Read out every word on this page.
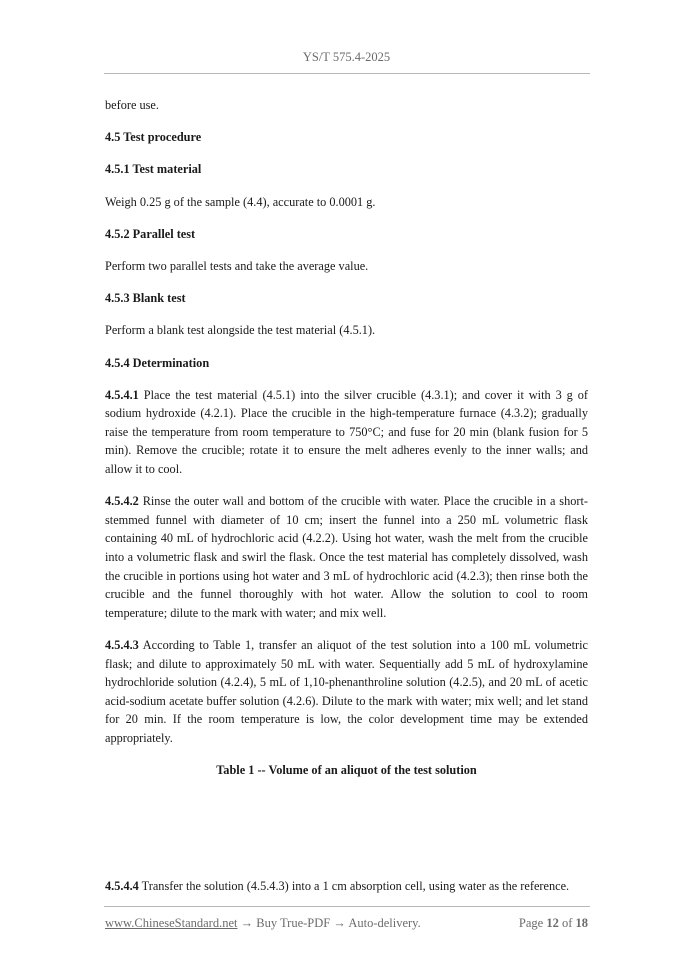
YS/T 575.4-2025

before use.

4.5 Test procedure

4.5.1 Test material

Weigh 0.25 g of the sample (4.4), accurate to 0.0001 g.

4.5.2 Parallel test

Perform two parallel tests and take the average value.

4.5.3 Blank test

Perform a blank test alongside the test material (4.5.1).

4.5.4 Determination

4.5.4.1 Place the test material (4.5.1) into the silver crucible (4.3.1); and cover it with 3 g of sodium hydroxide (4.2.1). Place the crucible in the high-temperature furnace (4.3.2); gradually raise the temperature from room temperature to 750°C; and fuse for 20 min (blank fusion for 5 min). Remove the crucible; rotate it to ensure the melt adheres evenly to the inner walls; and allow it to cool.

4.5.4.2 Rinse the outer wall and bottom of the crucible with water. Place the crucible in a short-stemmed funnel with diameter of 10 cm; insert the funnel into a 250 mL volumetric flask containing 40 mL of hydrochloric acid (4.2.2). Using hot water, wash the melt from the crucible into a volumetric flask and swirl the flask. Once the test material has completely dissolved, wash the crucible in portions using hot water and 3 mL of hydrochloric acid (4.2.3); then rinse both the crucible and the funnel thoroughly with hot water. Allow the solution to cool to room temperature; dilute to the mark with water; and mix well.

4.5.4.3 According to Table 1, transfer an aliquot of the test solution into a 100 mL volumetric flask; and dilute to approximately 50 mL with water. Sequentially add 5 mL of hydroxylamine hydrochloride solution (4.2.4), 5 mL of 1,10-phenanthroline solution (4.2.5), and 20 mL of acetic acid-sodium acetate buffer solution (4.2.6). Dilute to the mark with water; mix well; and let stand for 20 min. If the room temperature is low, the color development time may be extended appropriately.

Table 1 -- Volume of an aliquot of the test solution

4.5.4.4 Transfer the solution (4.5.4.3) into a 1 cm absorption cell, using water as the reference.
www.ChineseStandard.net → Buy True-PDF → Auto-delivery.	Page 12 of 18
